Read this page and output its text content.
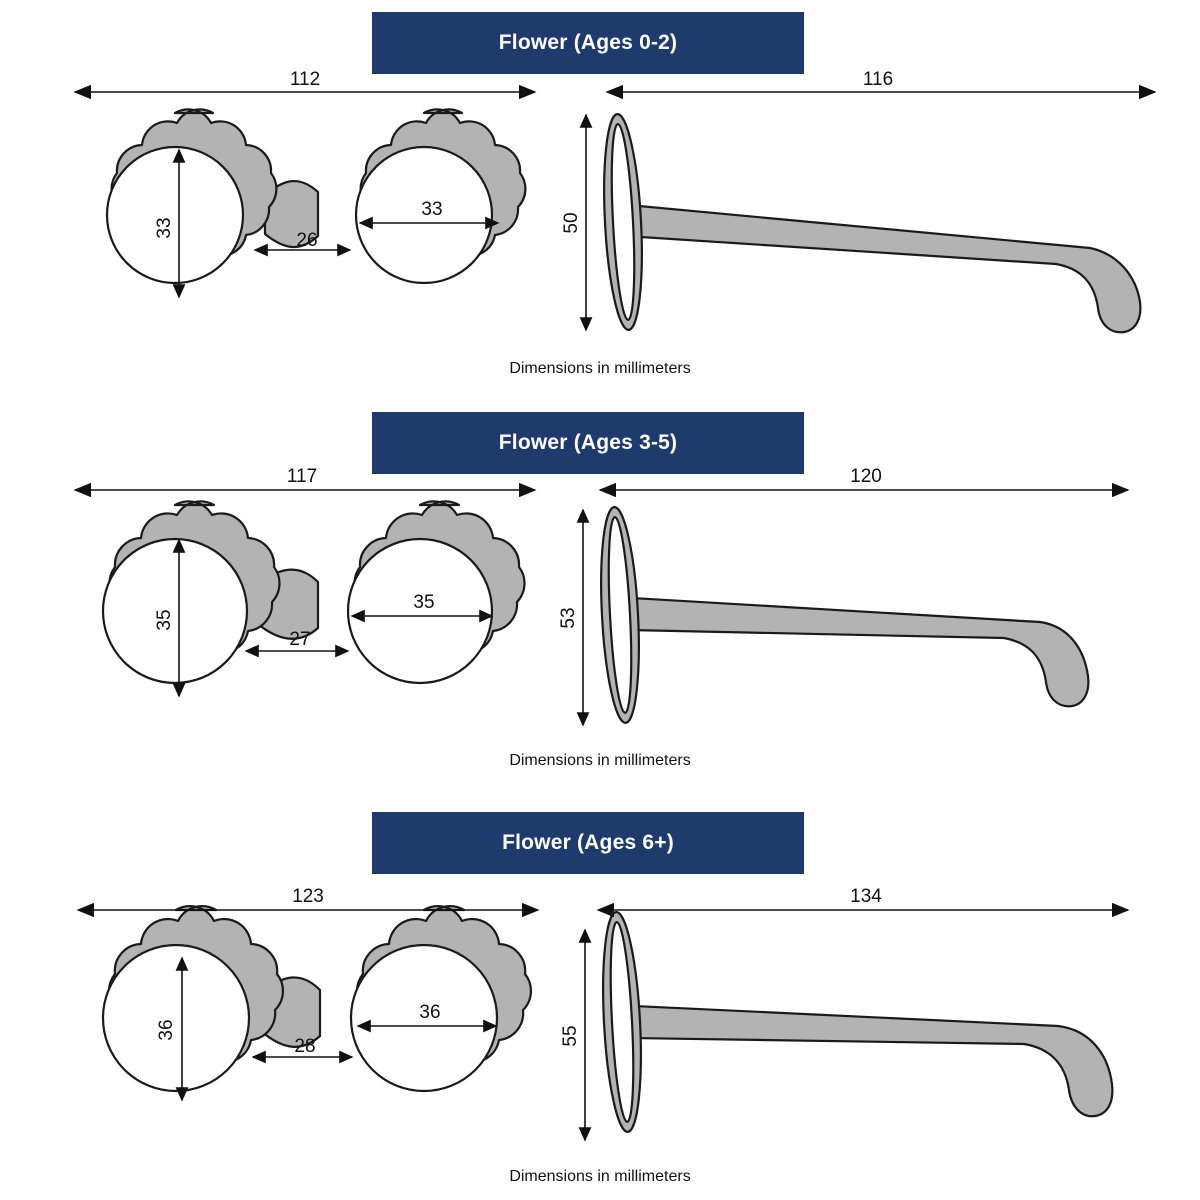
112	116
33
33
26
50
Flower (Ages 0-2)
Dimensions in millimeters
117	120
35
35
27
53
Flower (Ages 3-5)
Dimensions in millimeters
123	134
36
36
28	55
Flower (Ages 6+)
Dimensions in millimeters
